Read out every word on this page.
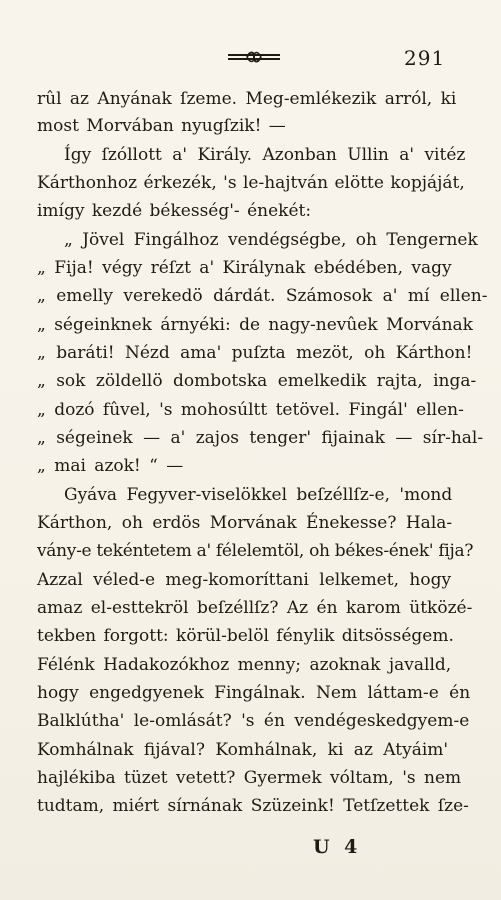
291
rûl az Anyának ſzeme. Meg-emlékezik arról, ki
most Morvában nyugſzik! —
Így ſzóllott a' Király. Azonban Ullin a' vitéz
Kárthonhoz érkezék, 's le-hajtván elötte kopjáját,
imígy kezdé békesség'- énekét:
„ Jövel Fingálhoz vendégségbe, oh Tengernek
„ Fija! végy réſzt a' Királynak ebédében, vagy
„ emelly verekedö dárdát. Számosok a' mí ellen-
„ ségeinknek árnyéki: de nagy-nevûek Morvának
„ baráti! Nézd ama' puſzta mezöt, oh Kárthon!
„ sok zöldellö dombotska emelkedik rajta, inga-
„ dozó fûvel, 's mohosúltt tetövel. Fingál' ellen-
„ ségeinek — a' zajos tenger' fijainak — sír-hal-
„ mai azok! “ —
Gyáva Fegyver-viselökkel beſzéllſz-e, 'mond
Kárthon, oh erdös Morvának Énekesse? Hala-
vány-e tekéntetem a' félelemtöl, oh békes-ének' fija?
Azzal véled-e meg-komoríttani lelkemet, hogy
amaz el-esttekröl beſzéllſz? Az én karom ütközé-
tekben forgott: körül-belöl fénylik ditsösségem.
Félénk Hadakozókhoz menny; azoknak javalld,
hogy engedgyenek Fingálnak. Nem láttam-e én
Balklútha' le-omlását? 's én vendégeskedgyem-e
Komhálnak fijával? Komhálnak, ki az Atyáim'
hajlékiba tüzet vetett? Gyermek vóltam, 's nem
tudtam, miért sírnának Szüzeink! Tetſzettek ſze-
U 4
